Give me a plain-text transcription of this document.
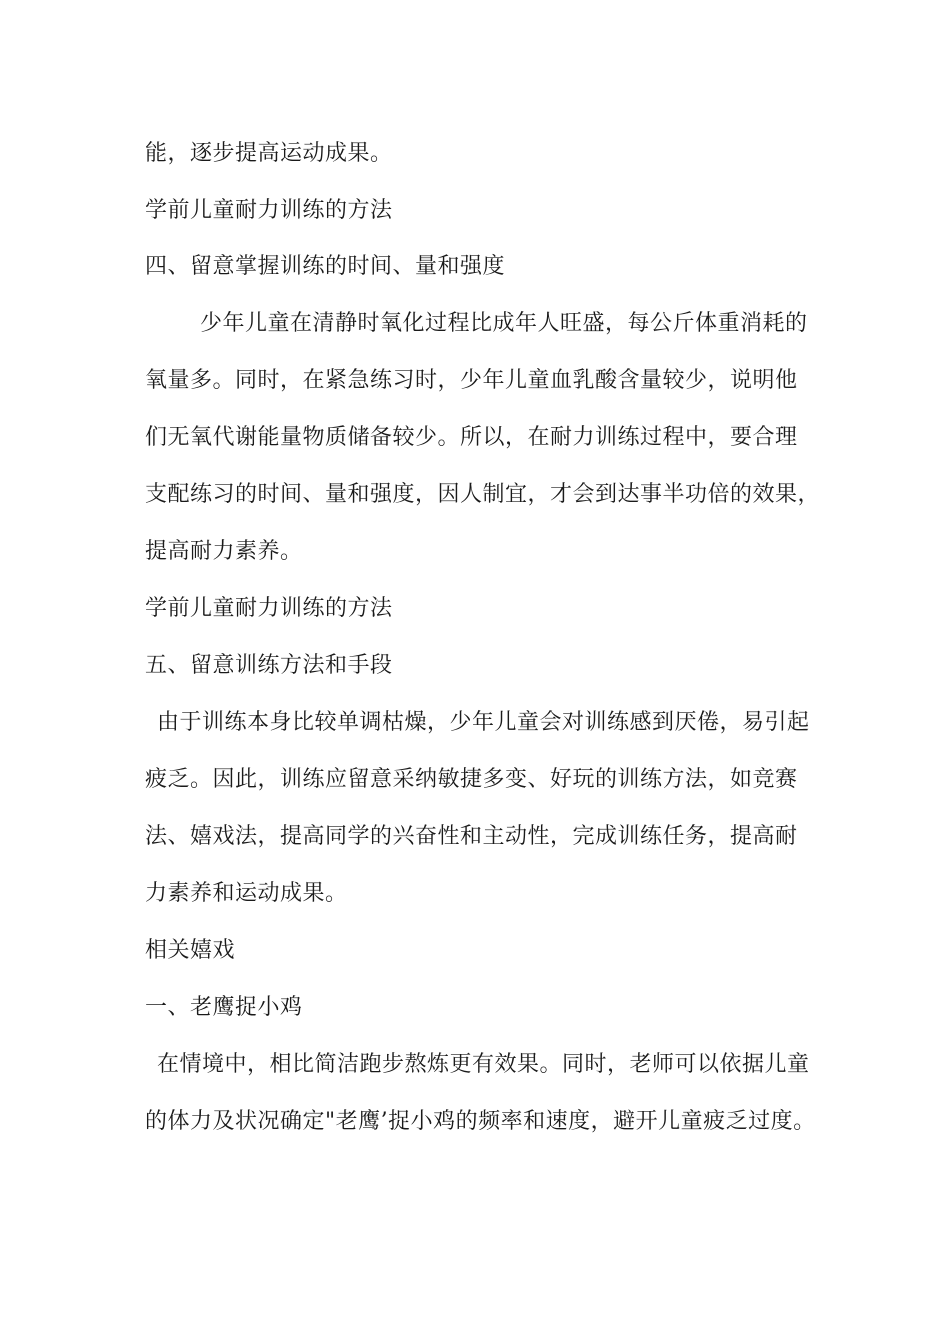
能，逐步提高运动成果。
学前儿童耐力训练的方法
四、留意掌握训练的时间、量和强度
少年儿童在清静时氧化过程比成年人旺盛，每公斤体重消耗的
氧量多。同时，在紧急练习时，少年儿童血乳酸含量较少，说明他
们无氧代谢能量物质储备较少。所以，在耐力训练过程中，要合理
支配练习的时间、量和强度，因人制宜，才会到达事半功倍的效果，
提高耐力素养。
学前儿童耐力训练的方法
五、留意训练方法和手段
由于训练本身比较单调枯燥，少年儿童会对训练感到厌倦，易引起
疲乏。因此，训练应留意采纳敏捷多变、好玩的训练方法，如竞赛
法、嬉戏法，提高同学的兴奋性和主动性，完成训练任务，提高耐
力素养和运动成果。
相关嬉戏
一、老鹰捉小鸡
在情境中，相比简洁跑步熬炼更有效果。同时，老师可以依据儿童
的体力及状况确定"老鹰’捉小鸡的频率和速度，避开儿童疲乏过度。
